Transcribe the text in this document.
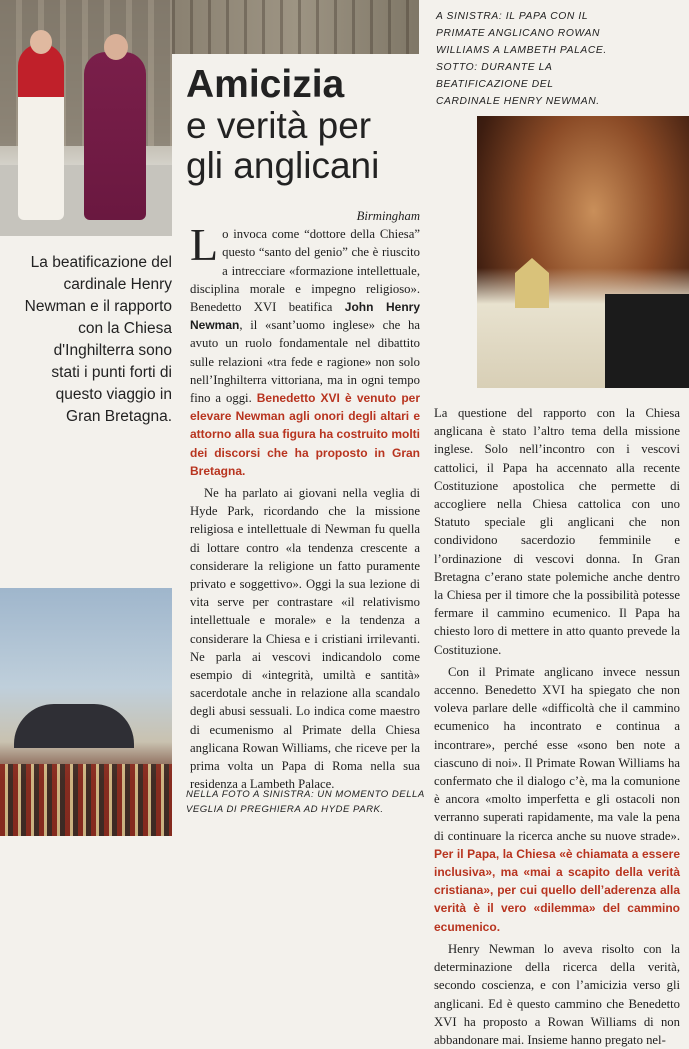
A SINISTRA: IL PAPA CON IL PRIMATE ANGLICANO ROWAN WILLIAMS A LAMBETH PALACE. SOTTO: DURANTE LA BEATIFICAZIONE DEL CARDINALE HENRY NEWMAN.
Amicizia
e verità per
gli anglicani
La beatificazione del cardinale Henry Newman e il rapporto con la Chiesa d'Inghilterra sono stati i punti forti di questo viaggio in Gran Bretagna.
Birmingham

Lo invoca come “dottore della Chiesa” questo “santo del genio” che è riuscito a intrecciare «formazione intellettuale, disciplina morale e impegno religioso». Benedetto XVI beatifica John Henry Newman, il «sant’uomo inglese» che ha avuto un ruolo fondamentale nel dibattito sulle relazioni «tra fede e ragione» non solo nell’Inghilterra vittoriana, ma in ogni tempo fino a oggi. Benedetto XVI è venuto per elevare Newman agli onori degli altari e attorno alla sua figura ha costruito molti dei discorsi che ha proposto in Gran Bretagna.

Ne ha parlato ai giovani nella veglia di Hyde Park, ricordando che la missione religiosa e intellettuale di Newman fu quella di lottare contro «la tendenza crescente a considerare la religione un fatto puramente privato e soggettivo». Oggi la sua lezione di vita serve per contrastare «il relativismo intellettuale e morale» e la tendenza a considerare la Chiesa e i cristiani irrilevanti. Ne parla ai vescovi indicandolo come esempio di «integrità, umiltà e santità» sacerdotale anche in relazione alla scandalo degli abusi sessuali. Lo indica come maestro di ecumenismo al Primate della Chiesa anglicana Rowan Williams, che riceve per la prima volta un Papa di Roma nella sua residenza a Lambeth Palace.

NELLA FOTO A SINISTRA: UN MOMENTO DELLA VEGLIA DI PREGHIERA AD HYDE PARK.

La questione del rapporto con la Chiesa anglicana è stato l’altro tema della missione inglese. Solo nell’incontro con i vescovi cattolici, il Papa ha accennato alla recente Costituzione apostolica che permette di accogliere nella Chiesa cattolica con uno Statuto speciale gli anglicani che non condividono sacerdozio femminile e l’ordinazione di vescovi donna. In Gran Bretagna c’erano state polemiche anche dentro la Chiesa per il timore che la possibilità potesse fermare il cammino ecumenico. Il Papa ha chiesto loro di mettere in atto quanto prevede la Costituzione.

Con il Primate anglicano invece nessun accenno. Benedetto XVI ha spiegato che non voleva parlare delle «difficoltà che il cammino ecumenico ha incontrato e continua a incontrare», perché esse «sono ben note a ciascuno di noi». Il Primate Rowan Williams ha confermato che il dialogo c’è, ma la comunione è ancora «molto imperfetta e gli ostacoli non verranno superati rapidamente, ma vale la pena di continuare la ricerca anche su nuove strade». Per il Papa, la Chiesa «è chiamata a essere inclusiva», ma «mai a scapito della verità cristiana», per cui quello dell’aderenza alla verità è il vero «dilemma» del cammino ecumenico.

Henry Newman lo aveva risolto con la determinazione della ricerca della verità, secondo coscienza, e con l’amicizia verso gli anglicani. Ed è questo cammino che Benedetto XVI ha proposto a Rowan Williams di non abbandonare mai. Insieme hanno pregato nel-
